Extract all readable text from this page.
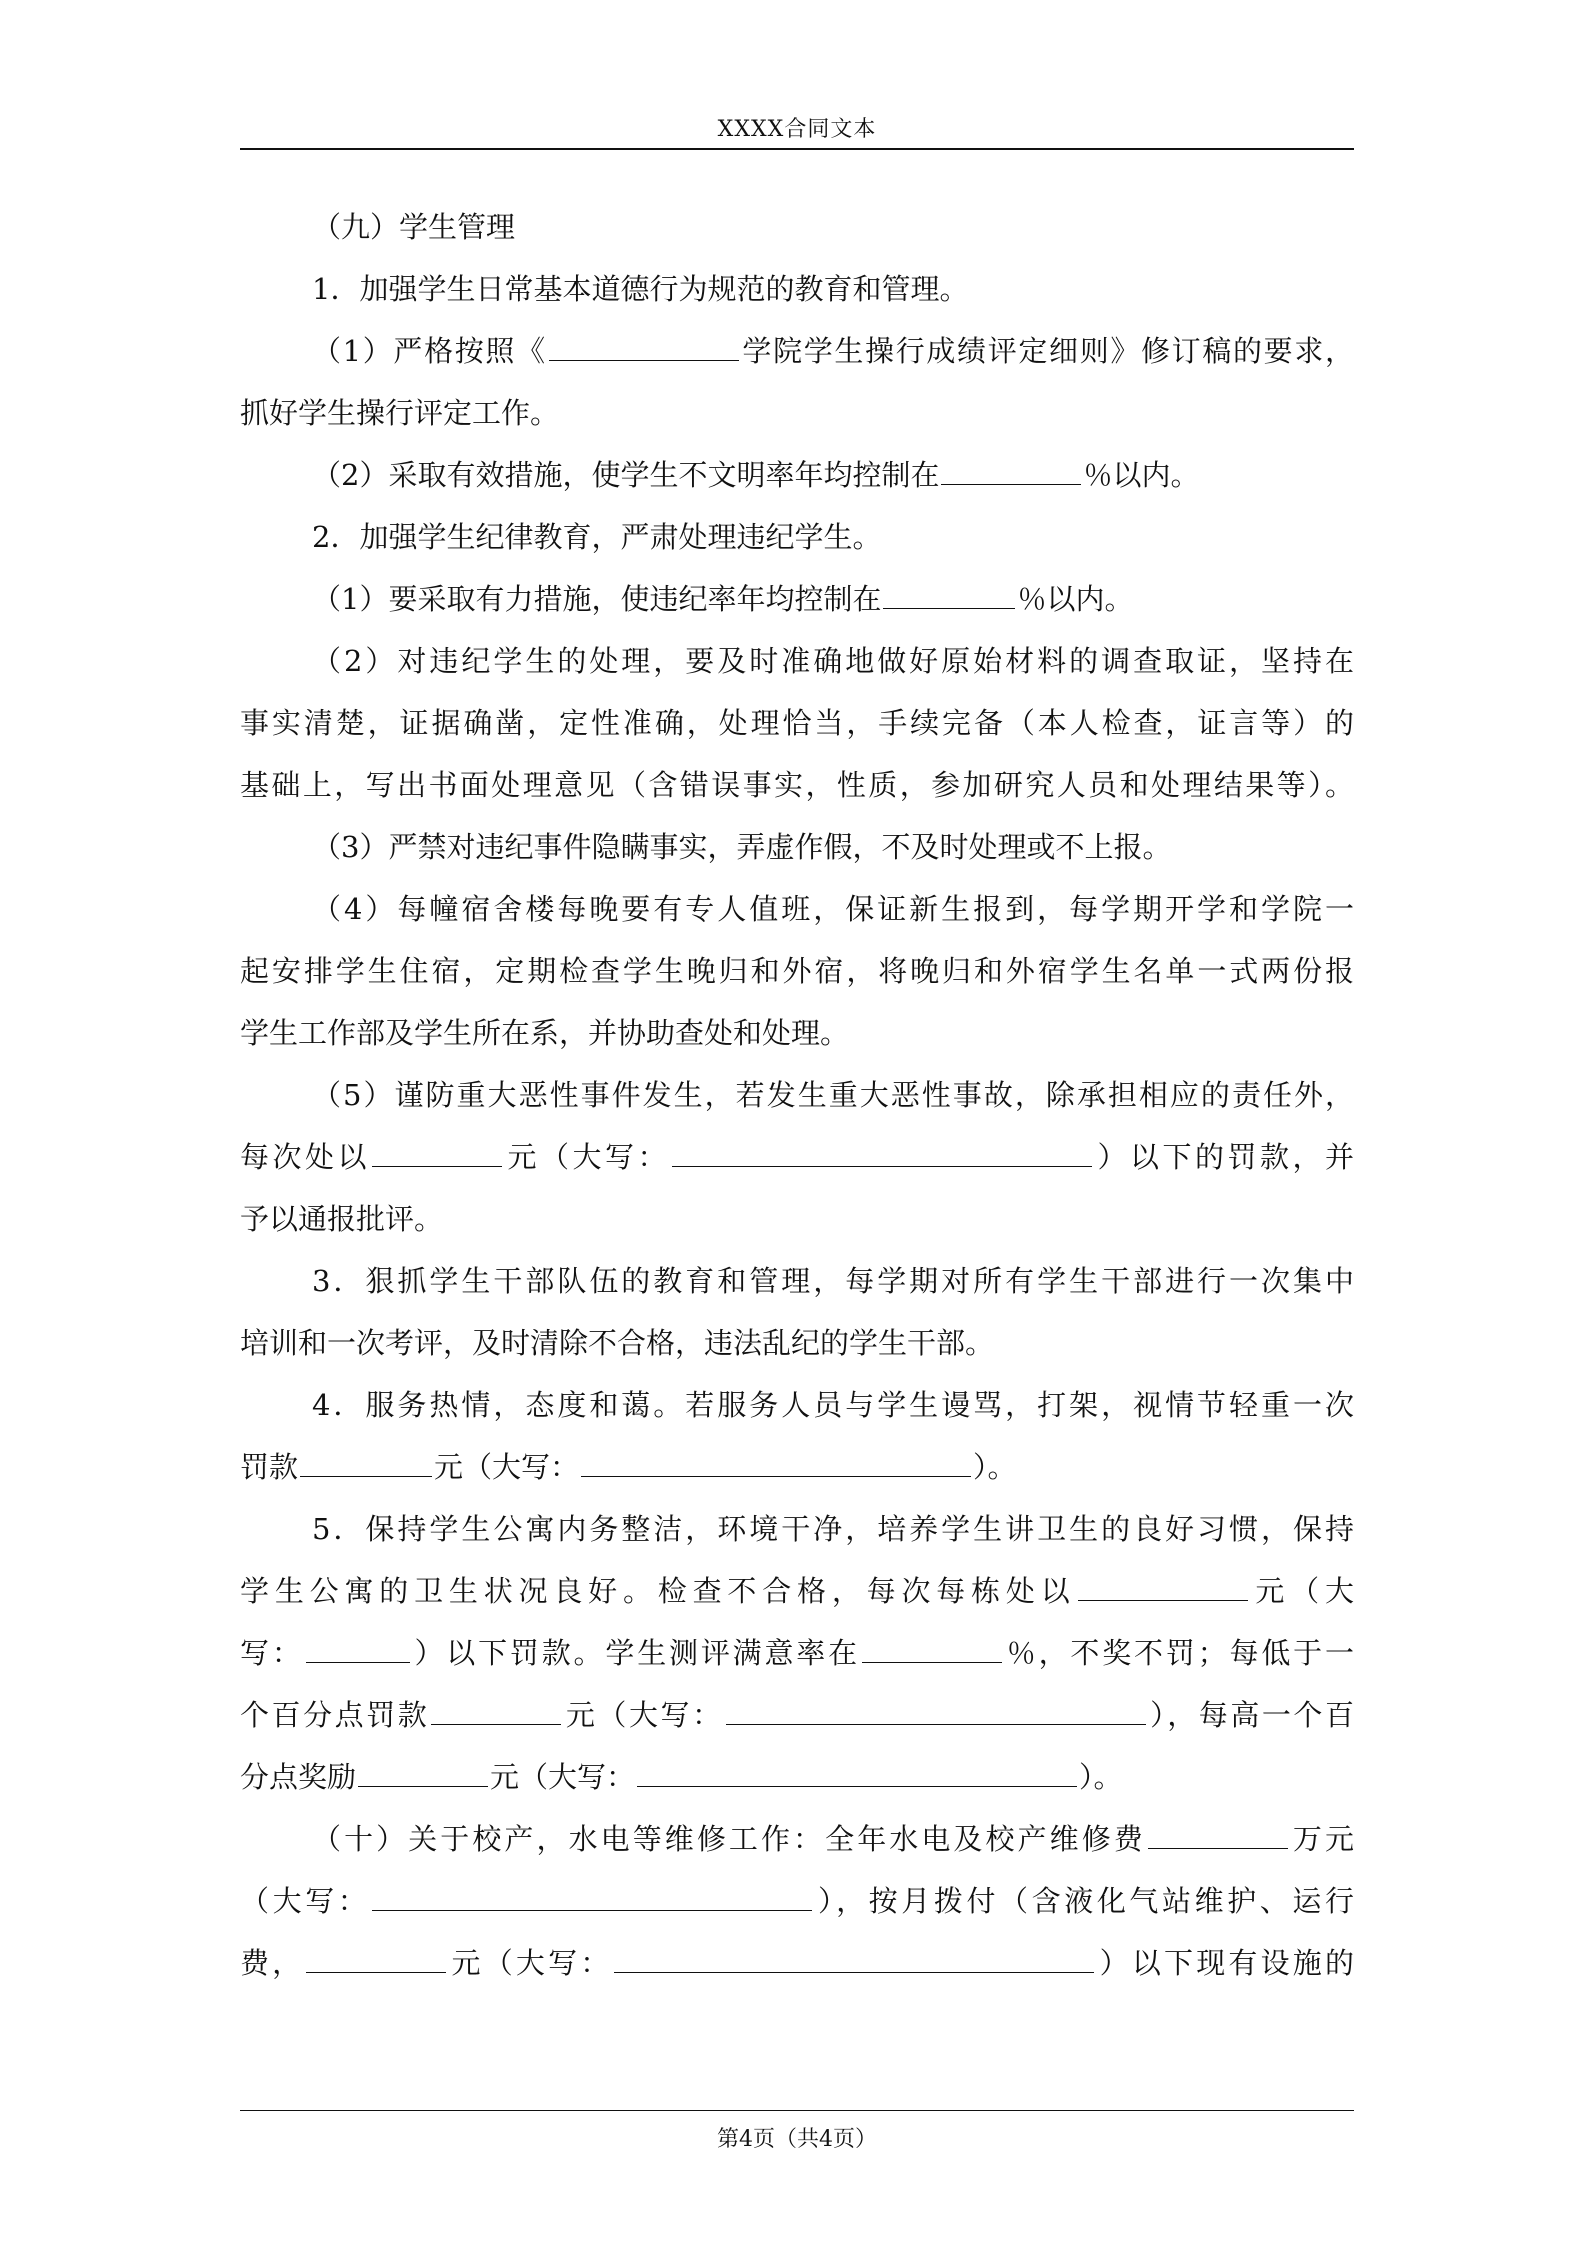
XXXX合同文本
（九）学生管理
1．加强学生日常基本道德行为规范的教育和管理。
（1）严格按照《	学院学生操行成绩评定细则》修订稿的要求，
抓好学生操行评定工作。
（2）采取有效措施，使学生不文明率年均控制在	％以内。
2．加强学生纪律教育，严肃处理违纪学生。
（1）要采取有力措施，使违纪率年均控制在	％以内。
（2）对违纪学生的处理，要及时准确地做好原始材料的调查取证，坚持在
事实清楚，证据确凿，定性准确，处理恰当，手续完备（本人检查，证言等）的
基础上，写出书面处理意见（含错误事实，性质，参加研究人员和处理结果等）。
（3）严禁对违纪事件隐瞒事实，弄虚作假，不及时处理或不上报。
（4）每幢宿舍楼每晚要有专人值班，保证新生报到，每学期开学和学院一
起安排学生住宿，定期检查学生晚归和外宿，将晚归和外宿学生名单一式两份报
学生工作部及学生所在系，并协助查处和处理。
（5）谨防重大恶性事件发生，若发生重大恶性事故，除承担相应的责任外，
每次处以	元（大写：	）以下的罚款，并
予以通报批评。
3．狠抓学生干部队伍的教育和管理，每学期对所有学生干部进行一次集中
培训和一次考评，及时清除不合格，违法乱纪的学生干部。
4．服务热情，态度和蔼。若服务人员与学生谩骂，打架，视情节轻重一次
罚款	元（大写：	）。
5．保持学生公寓内务整洁，环境干净，培养学生讲卫生的良好习惯，保持
学生公寓的卫生状况良好。检查不合格，每次每栋处以	元（大
写：	）以下罚款。学生测评满意率在	％，不奖不罚；每低于一
个百分点罚款	元（大写：	），每高一个百
分点奖励	元（大写：	）。
（十）关于校产，水电等维修工作：全年水电及校产维修费	万元
（大写：	），按月拨付（含液化气站维护、运行
费，	元（大写：	）以下现有设施的
第4页（共4页）
